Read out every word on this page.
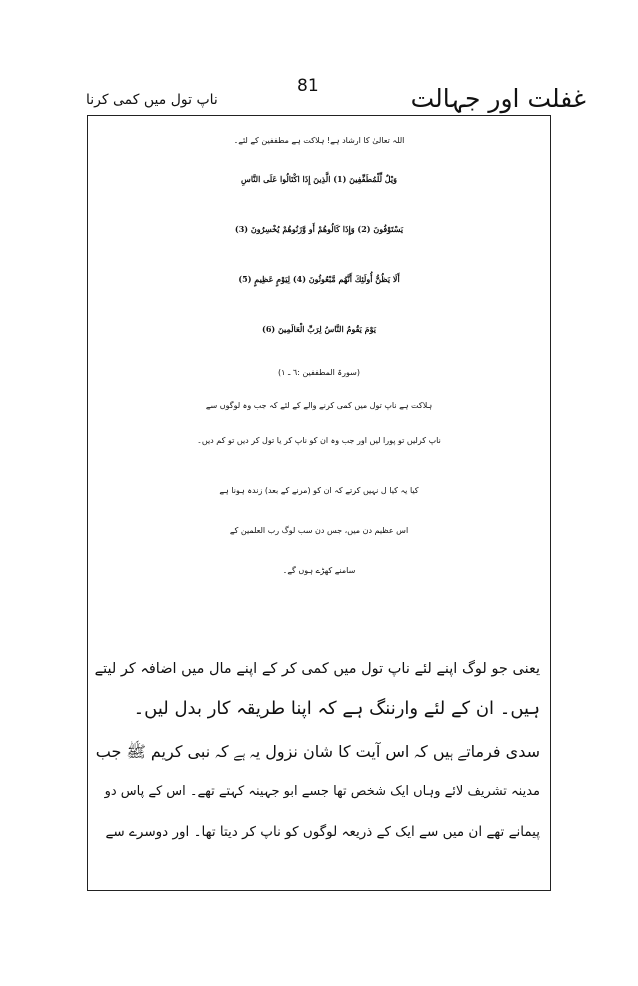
81	غفلت اور جہالت
ناپ تول میں کمی کرنا
اللہ تعالیٰ کا ارشاد ہے! ہلاکت ہے مطففین کے لئے۔
وَيْلٌ لِّلْمُطَفِّفِينَ (1) الَّذِينَ إِذَا اكْتَالُوا عَلَى النَّاسِ
يَسْتَوْفُونَ (2) وَإِذَا كَالُوهُمْ أَو وَّزَنُوهُمْ يُخْسِرُونَ (3)
أَلَا يَظُنُّ أُولَئِكَ أَنَّهُم مَّبْعُوثُونَ (4) لِيَوْمٍ عَظِيمٍ (5)
يَوْمَ يَقُومُ النَّاسُ لِرَبِّ الْعَالَمِينَ (6)
(سورۃ المطففین :٦ ـ ١)
ہلاکت ہے ناپ تول میں کمی کرنے والے کے لئے کہ جب وہ لوگوں سے
ناپ کرلیں تو پورا لیں اور جب وہ ان کو ناپ کر یا تول کر دیں تو کم دیں۔
کیا یہ کیا ل نہیں کرتے کہ ان کو (مرنے کے بعد) زندہ ہونا ہے
اس عظیم دن میں، جس دن سب لوگ رب العلمین کے
سامنے کھڑے ہوں گے۔
یعنی جو لوگ اپنے لئے ناپ تول میں کمی کر کے اپنے مال میں اضافہ کر لیتے
ہیں۔ ان کے لئے وارننگ ہے کہ اپنا طریقہ کار بدل لیں۔
سدی فرماتے ہیں کہ اس آیت کا شان نزول یہ ہے کہ نبی کریم ﷺ جب
مدینہ تشریف لائے وہاں ایک شخص تھا جسے ابو جہینہ کہتے تھے۔ اس کے پاس دو
پیمانے تھے ان میں سے ایک کے ذریعہ لوگوں کو ناپ کر دیتا تھا۔ اور دوسرے سے
